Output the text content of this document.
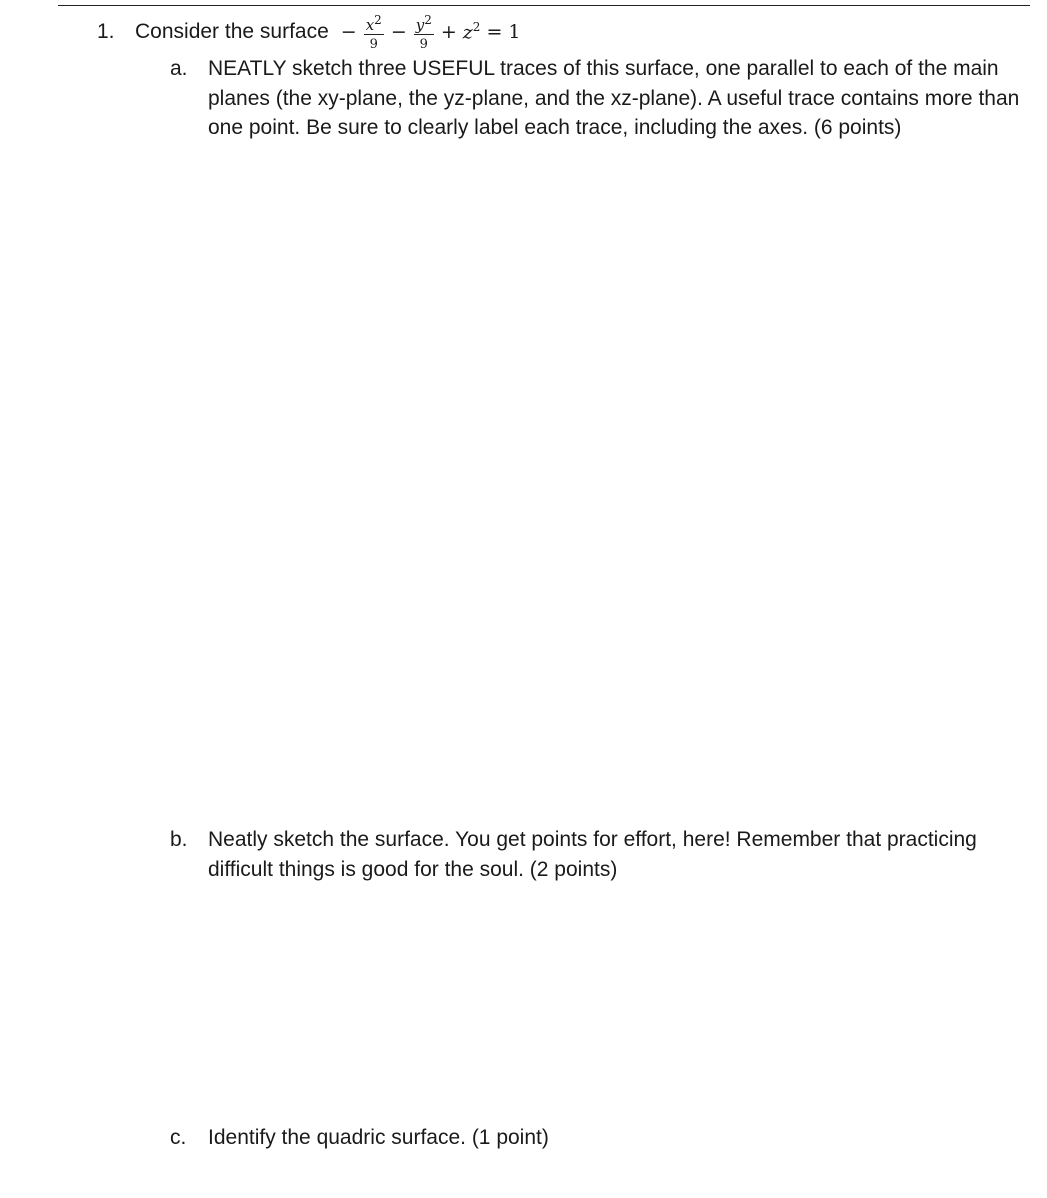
1. Consider the surface − $\frac{x^2}{9} - \frac{y^2}{9} + z^2 = 1$
a. NEATLY sketch three USEFUL traces of this surface, one parallel to each of the main planes (the xy-plane, the yz-plane, and the xz-plane). A useful trace contains more than one point. Be sure to clearly label each trace, including the axes. (6 points)
b. Neatly sketch the surface. You get points for effort, here! Remember that practicing difficult things is good for the soul. (2 points)
c.	Identify the quadric surface. (1 point)
